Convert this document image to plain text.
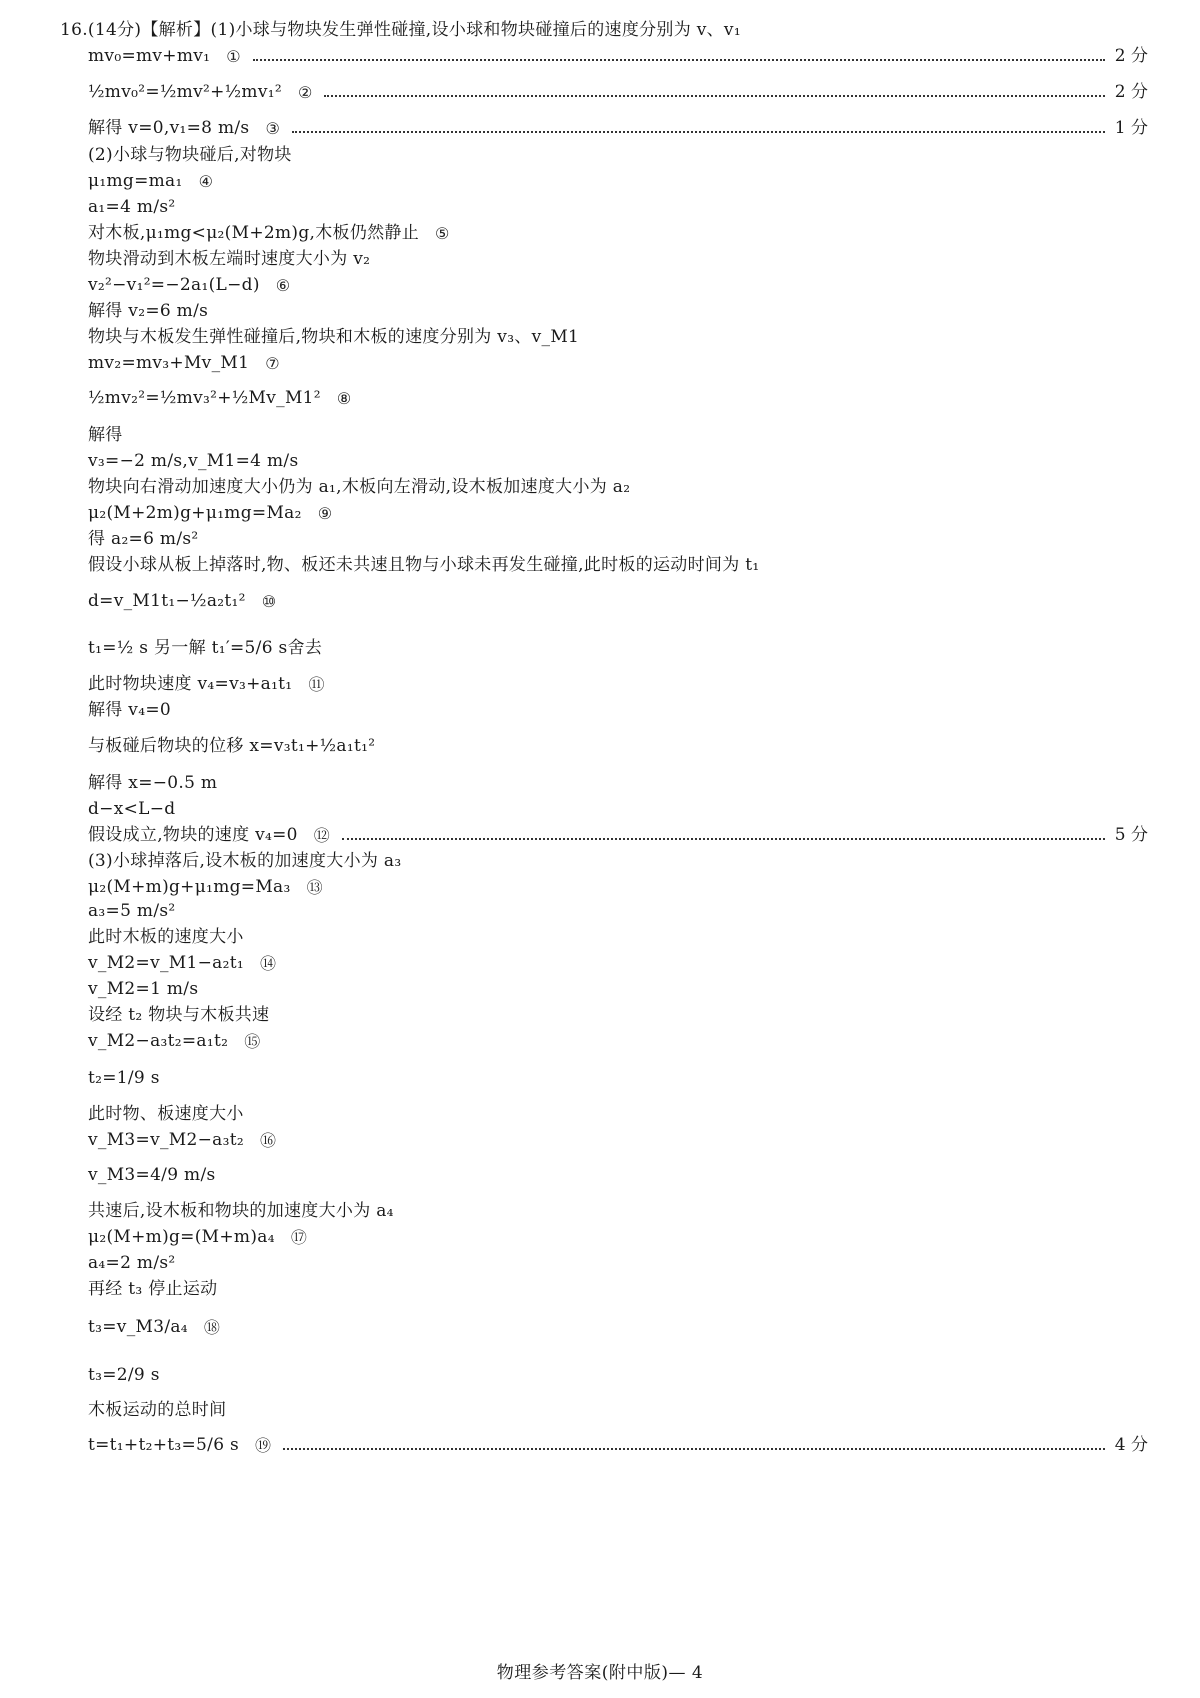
16.(14分)【解析】(1)小球与物块发生弹性碰撞,设小球和物块碰撞后的速度分别为 v、v₁
mv₀=mv+mv₁ ①	2 分
½mv₀²=½mv²+½mv₁² ②	2 分
解得 v=0,v₁=8 m/s ③	1 分
(2)小球与物块碰后,对物块
μ₁mg=ma₁ ④
a₁=4 m/s²
对木板,μ₁mg<μ₂(M+2m)g,木板仍然静止 ⑤
物块滑动到木板左端时速度大小为 v₂
v₂²−v₁²=−2a₁(L−d) ⑥
解得 v₂=6 m/s
物块与木板发生弹性碰撞后,物块和木板的速度分别为 v₃、v_M1
mv₂=mv₃+Mv_M1 ⑦
½mv₂²=½mv₃²+½Mv_M1² ⑧
解得
v₃=−2 m/s,v_M1=4 m/s
物块向右滑动加速度大小仍为 a₁,木板向左滑动,设木板加速度大小为 a₂
μ₂(M+2m)g+μ₁mg=Ma₂ ⑨
得 a₂=6 m/s²
假设小球从板上掉落时,物、板还未共速且物与小球未再发生碰撞,此时板的运动时间为 t₁
d=v_M1t₁−½a₂t₁² ⑩
t₁=½ s 另一解 t₁′=5/6 s舍去
此时物块速度 v₄=v₃+a₁t₁ ⑪
解得 v₄=0
与板碰后物块的位移 x=v₃t₁+½a₁t₁²
解得 x=−0.5 m
d−x<L−d
假设成立,物块的速度 v₄=0 ⑫	5 分
(3)小球掉落后,设木板的加速度大小为 a₃
μ₂(M+m)g+μ₁mg=Ma₃ ⑬
a₃=5 m/s²
此时木板的速度大小
v_M2=v_M1−a₂t₁ ⑭
v_M2=1 m/s
设经 t₂ 物块与木板共速
v_M2−a₃t₂=a₁t₂ ⑮
t₂=1/9 s
此时物、板速度大小
v_M3=v_M2−a₃t₂ ⑯
v_M3=4/9 m/s
共速后,设木板和物块的加速度大小为 a₄
μ₂(M+m)g=(M+m)a₄ ⑰
a₄=2 m/s²
再经 t₃ 停止运动
t₃=v_M3/a₄ ⑱
t₃=2/9 s
木板运动的总时间
t=t₁+t₂+t₃=5/6 s ⑲	4 分
物理参考答案(附中版)— 4
